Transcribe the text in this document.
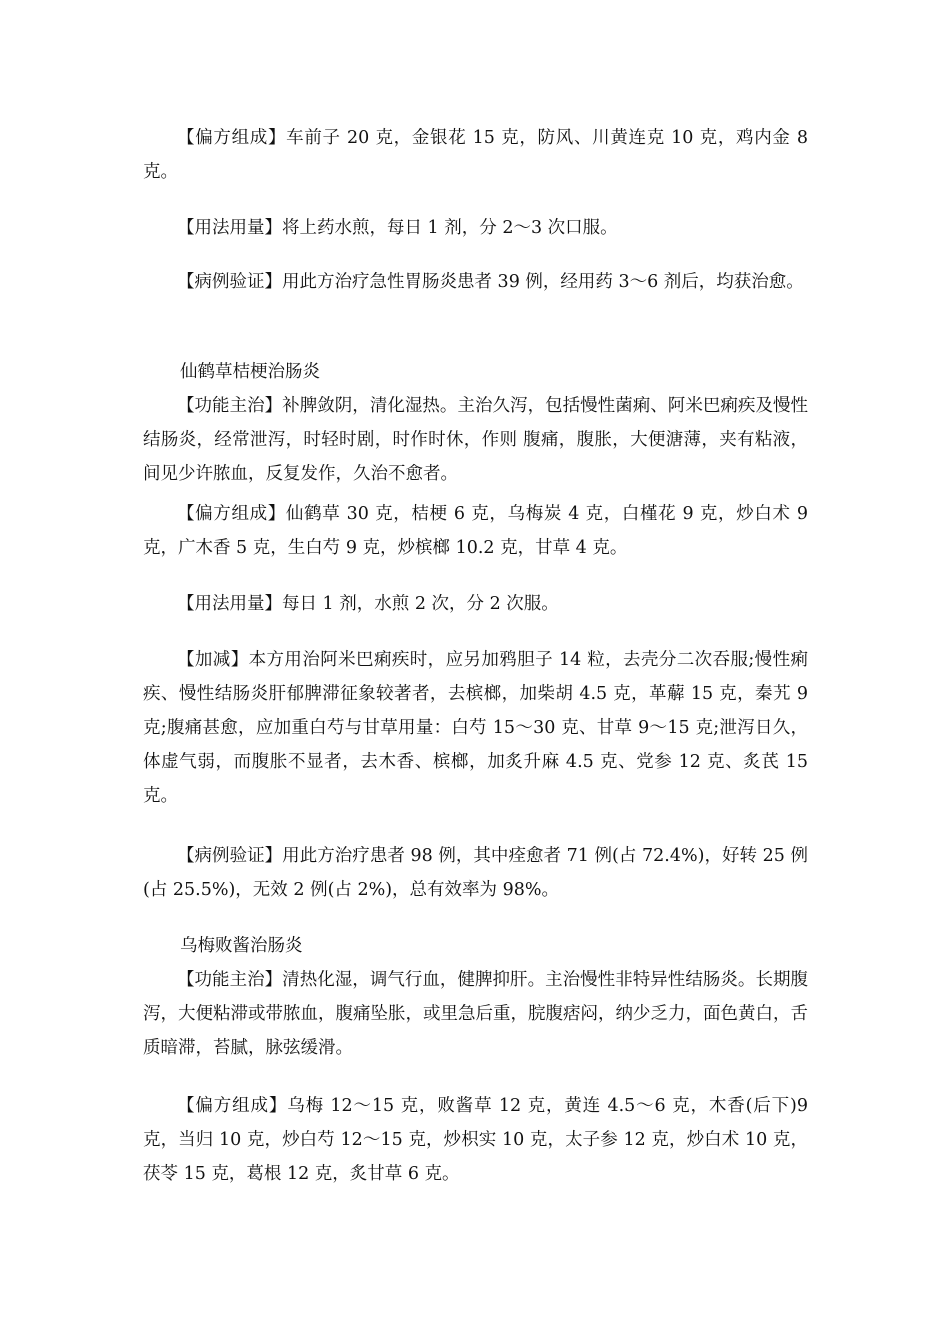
【偏方组成】车前子 20 克，金银花 15 克，防风、川黄连克 10 克，鸡内金 8 克。

【用法用量】将上药水煎，每日 1 剂，分 2～3 次口服。

【病例验证】用此方治疗急性胃肠炎患者 39 例，经用药 3～6 剂后，均获治愈。

仙鹤草桔梗治肠炎

【功能主治】补脾敛阴，清化湿热。主治久泻，包括慢性菌痢、阿米巴痢疾及慢性结肠炎，经常泄泻，时轻时剧，时作时休，作则 腹痛，腹胀，大便溏薄，夹有粘液，间见少许脓血，反复发作，久治不愈者。

【偏方组成】仙鹤草 30 克，桔梗 6 克，乌梅炭 4 克，白槿花 9 克，炒白术 9 克，广木香 5 克，生白芍 9 克，炒槟榔 10.2 克，甘草 4 克。

【用法用量】每日 1 剂，水煎 2 次，分 2 次服。

【加减】本方用治阿米巴痢疾时，应另加鸦胆子 14 粒，去壳分二次吞服;慢性痢疾、慢性结肠炎肝郁脾滞征象较著者，去槟榔，加柴胡 4.5 克，革薢 15 克，秦艽 9 克;腹痛甚愈，应加重白芍与甘草用量：白芍 15～30 克、甘草 9～15 克;泄泻日久，体虚气弱，而腹胀不显者，去木香、槟榔，加炙升麻 4.5 克、党参 12 克、炙芪 15 克。

【病例验证】用此方治疗患者 98 例，其中痊愈者 71 例(占 72.4%)，好转 25 例(占 25.5%)，无效 2 例(占 2%)，总有效率为 98%。

乌梅败酱治肠炎

【功能主治】清热化湿，调气行血，健脾抑肝。主治慢性非特异性结肠炎。长期腹泻，大便粘滞或带脓血，腹痛坠胀，或里急后重，脘腹痞闷，纳少乏力，面色黄白，舌质暗滞，苔腻，脉弦缓滑。

【偏方组成】乌梅 12～15 克，败酱草 12 克，黄连 4.5～6 克，木香(后下)9 克，当归 10 克，炒白芍 12～15 克，炒枳实 10 克，太子参 12 克，炒白术 10 克，茯苓 15 克，葛根 12 克，炙甘草 6 克。
